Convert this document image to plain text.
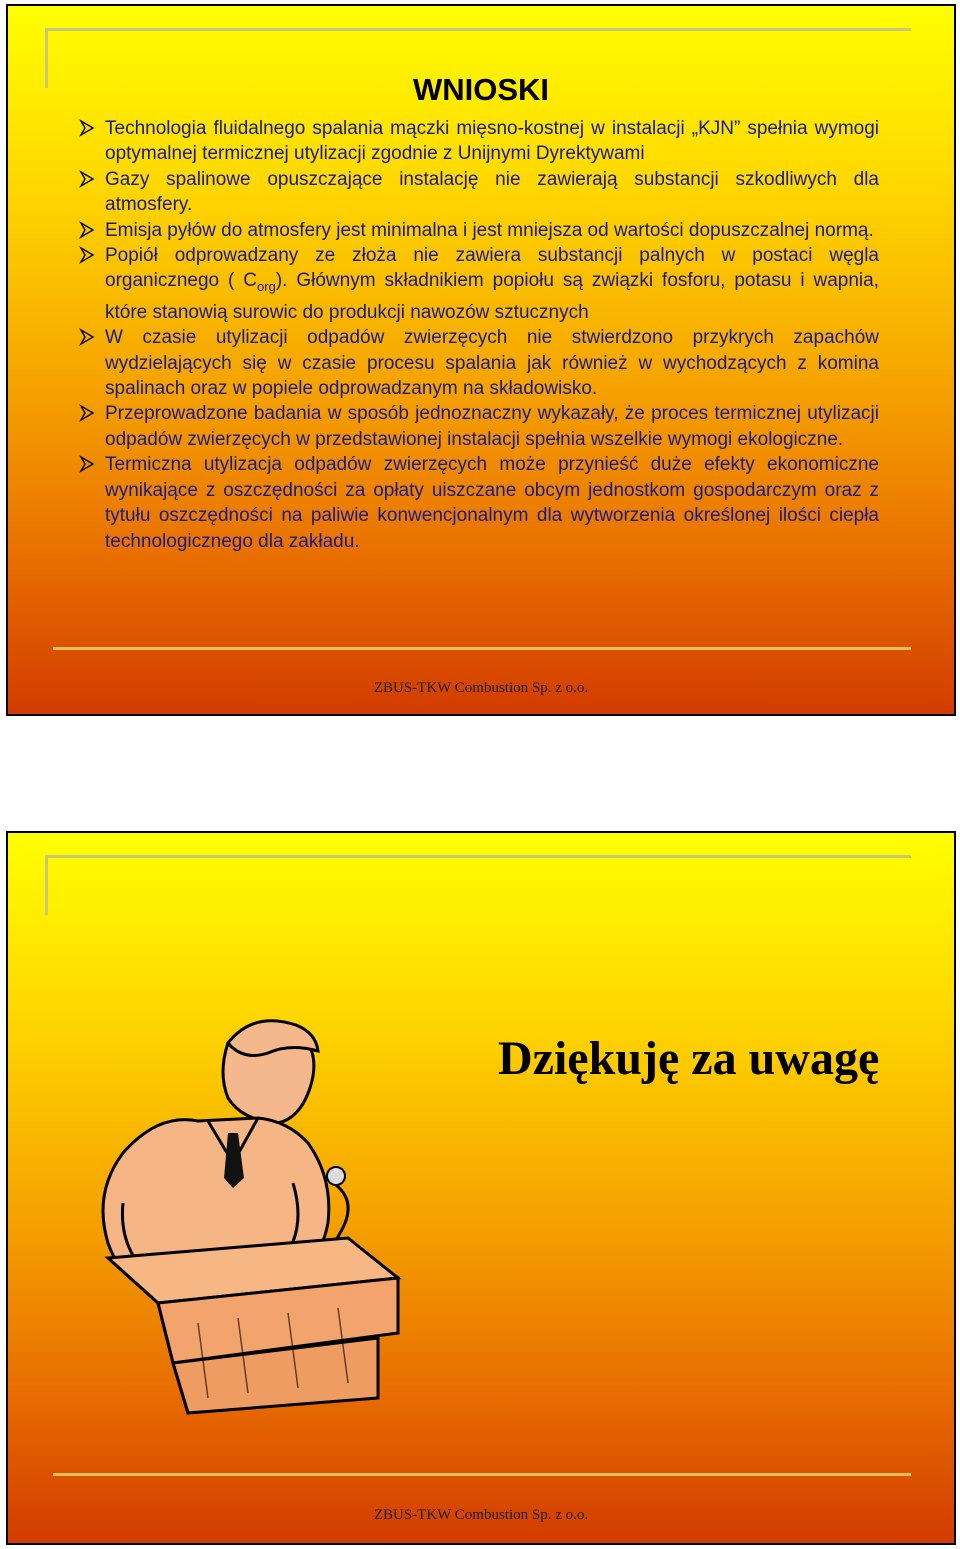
WNIOSKI
Technologia fluidalnego spalania mączki mięsno-kostnej w instalacji „KJN” spełnia wymogi optymalnej termicznej utylizacji zgodnie z Unijnymi Dyrektywami
Gazy spalinowe opuszczające instalację nie zawierają substancji szkodliwych dla atmosfery.
Emisja pyłów do atmosfery jest minimalna i jest mniejsza od wartości dopuszczalnej normą.
Popiół odprowadzany ze złoża nie zawiera substancji palnych w postaci węgla organicznego ( $C_{org}$). Głównym składnikiem popiołu są związki fosforu, potasu i wapnia, które stanowią surowic do produkcji nawozów sztucznych
W czasie utylizacji odpadów zwierzęcych nie stwierdzono przykrych zapachów wydzielających się w czasie procesu spalania jak również w wychodzących z komina spalinach oraz w popiele odprowadzanym na składowisko.
Przeprowadzone badania w sposób jednoznaczny wykazały, że proces termicznej utylizacji odpadów zwierzęcych w przedstawionej instalacji spełnia wszelkie wymogi ekologiczne.
Termiczna utylizacja odpadów zwierzęcych może przynieść duże efekty ekonomiczne wynikające z oszczędności za opłaty uiszczane obcym jednostkom gospodarczym oraz z tytułu oszczędności na paliwie konwencjonalnym dla wytworzenia określonej ilości ciepła technologicznego dla zakładu.
ZBUS-TKW Combustion Sp. z o.o.
Dziękuję za uwagę
ZBUS-TKW Combustion Sp. z o.o.
